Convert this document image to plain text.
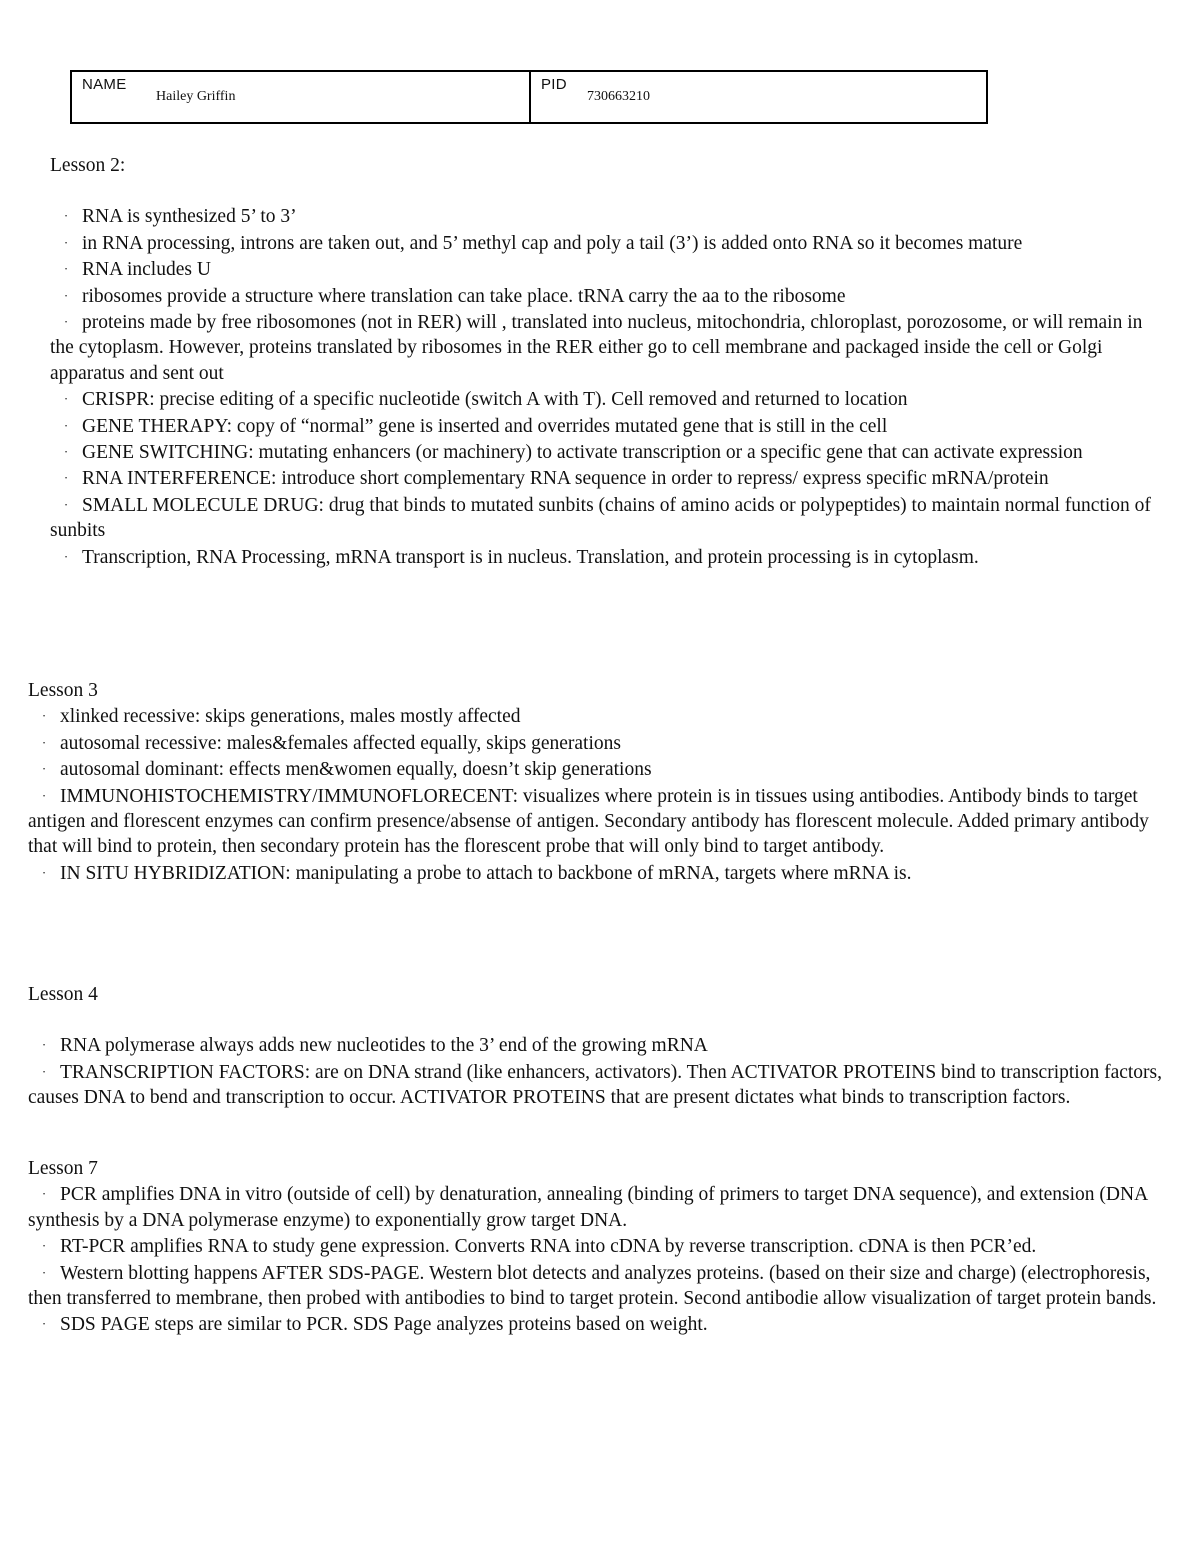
NAME
Hailey Griffin
PID
730663210
Lesson 2:
· RNA is synthesized 5’ to 3’
· in RNA processing, introns are taken out, and 5’ methyl cap and poly a tail (3’) is added onto RNA so it becomes mature
· RNA includes U
· ribosomes provide a structure where translation can take place. tRNA carry the aa to the ribosome
· proteins made by free ribosomones (not in RER) will , translated into nucleus, mitochondria, chloroplast, porozosome, or will remain in the cytoplasm. However, proteins translated by ribosomes in the RER either go to cell membrane and packaged inside the cell or Golgi apparatus and sent out
· CRISPR: precise editing of a specific nucleotide (switch A with T). Cell removed and returned to location
· GENE THERAPY: copy of “normal” gene is inserted and overrides mutated gene that is still in the cell
· GENE SWITCHING: mutating enhancers (or machinery) to activate transcription or a specific gene that can activate expression
· RNA INTERFERENCE: introduce short complementary RNA sequence in order to repress/ express specific mRNA/protein
· SMALL MOLECULE DRUG: drug that binds to mutated sunbits (chains of amino acids or polypeptides) to maintain normal function of sunbits
· Transcription, RNA Processing, mRNA transport is in nucleus. Translation, and protein processing is in cytoplasm.
Lesson 3
· xlinked recessive: skips generations, males mostly affected
· autosomal recessive: males&females affected equally, skips generations
· autosomal dominant: effects men&women equally, doesn’t skip generations
· IMMUNOHISTOCHEMISTRY/IMMUNOFLORECENT: visualizes where protein is in tissues using antibodies. Antibody binds to target antigen and florescent enzymes can confirm presence/absense of antigen. Secondary antibody has florescent molecule. Added primary antibody that will bind to protein, then secondary protein has the florescent probe that will only bind to target antibody.
· IN SITU HYBRIDIZATION: manipulating a probe to attach to backbone of mRNA, targets where mRNA is.
Lesson 4
· RNA polymerase always adds new nucleotides to the 3’ end of the growing mRNA
· TRANSCRIPTION FACTORS: are on DNA strand (like enhancers, activators). Then ACTIVATOR PROTEINS bind to transcription factors, causes DNA to bend and transcription to occur. ACTIVATOR PROTEINS that are present dictates what binds to transcription factors.
Lesson 7
· PCR amplifies DNA in vitro (outside of cell) by denaturation, annealing (binding of primers to target DNA sequence), and extension (DNA synthesis by a DNA polymerase enzyme) to exponentially grow target DNA.
· RT-PCR amplifies RNA to study gene expression. Converts RNA into cDNA by reverse transcription. cDNA is then PCR’ed.
· Western blotting happens AFTER SDS-PAGE. Western blot detects and analyzes proteins. (based on their size and charge) (electrophoresis, then transferred to membrane, then probed with antibodies to bind to target protein. Second antibodie allow visualization of target protein bands.
· SDS PAGE steps are similar to PCR. SDS Page analyzes proteins based on weight.
